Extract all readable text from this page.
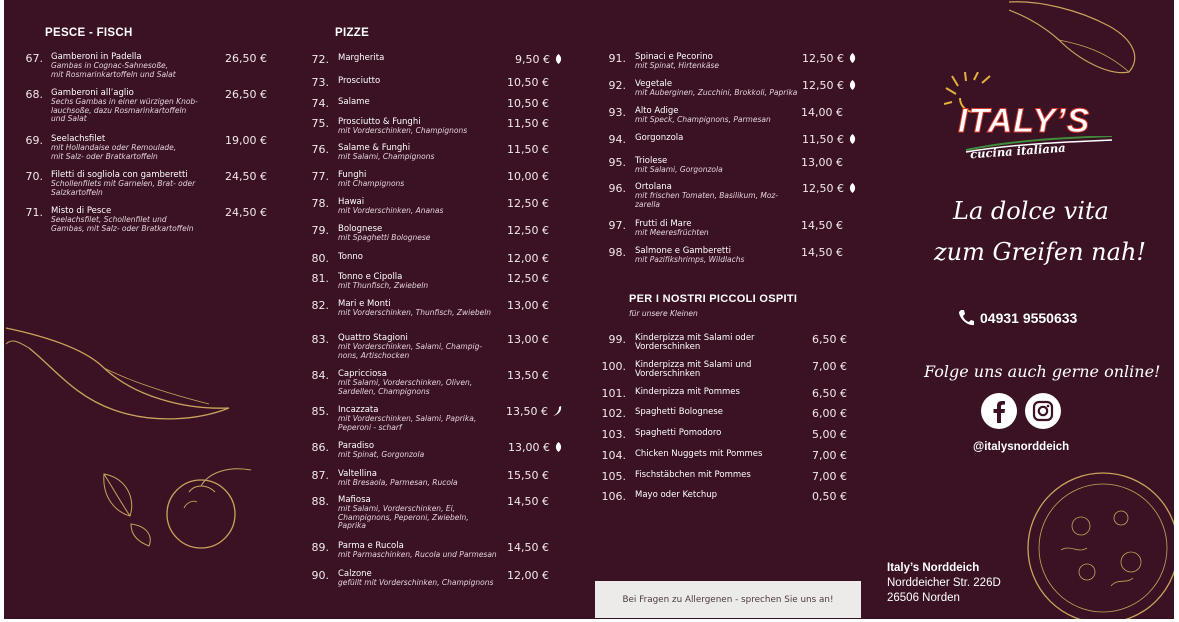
PESCE - FISCH	PIZZE
PER I NOSTRI PICCOLI OSPITI
für unsere Kleinen
67. Gamberoni in Padella
Gambas in Cognac-Sahnesoße,
mit Rosmarinkartoffeln und Salat
26,50 €
68. Gamberoni all’aglio
Sechs Gambas in einer würzigen Knob-
lauchsoße, dazu Rosmarinkartoffeln
und Salat
26,50 €
69. Seelachsfilet
mit Hollandaise oder Remoulade,
mit Salz- oder Bratkartoffeln
19,00 €
70. Filetti di sogliola con gamberetti
Schollenfilets mit Garnelen, Brat- oder
Salzkartoffeln
24,50 €
71. Misto di Pesce
Seelachsfilet, Schollenfilet und
Gambas, mit Salz- oder Bratkartoffeln
24,50 €
72. Margherita	9,50 €
73. Prosciutto	10,50 €
74. Salame	10,50 €
75. Prosciutto & Funghi
mit Vorderschinken, Champignons
11,50 €
76. Salame & Funghi
mit Salami, Champignons
11,50 €
77. Funghi
mit Champignons
10,00 €
78. Hawai
mit Vorderschinken, Ananas
12,50 €
79. Bolognese
mit Spaghetti Bolognese
12,50 €
80. Tonno	12,00 €
81. Tonno e Cipolla
mit Thunfisch, Zwiebeln
12,50 €
82. Mari e Monti
mit Vorderschinken, Thunfisch, Zwiebeln
13,00 €
83. Quattro Stagioni
mit Vorderschinken, Salami, Champig-
nons, Artischocken
13,00 €
84. Capricciosa
mit Salami, Vorderschinken, Oliven,
Sardellen, Champignons
13,50 €
85. Incazzata
mit Vorderschinken, Salami, Paprika,
Peperoni - scharf
13,50 €
86. Paradiso
mit Spinat, Gorgonzola
13,00 €
87. Valtellina
mit Bresaola, Parmesan, Rucola
15,50 €
88. Mafiosa
mit Salami, Vorderschinken, Ei,
Champignons, Peperoni, Zwiebeln,
Paprika
14,50 €
89. Parma e Rucola
mit Parmaschinken, Rucola und Parmesan
14,50 €
90. Calzone
gefüllt mit Vorderschinken, Champignons
12,00 €
91. Spinaci e Pecorino
mit Spinat, Hirtenkäse
12,50 €
92. Vegetale
mit Auberginen, Zucchini, Brokkoli, Paprika
12,50 €
93. Alto Adige
mit Speck, Champignons, Parmesan
14,00 €
94. Gorgonzola	11,50 €
95. Triolese
mit Salami, Gorgonzola
13,00 €
96. Ortolana
mit frischen Tomaten, Basilikum, Moz-
zarella
12,50 €
97. Frutti di Mare
mit Meeresfrüchten
14,50 €
98. Salmone e Gamberetti
mit Pazifikshrimps, Wildlachs
14,50 €
99. Kinderpizza mit Salami oder
Vorderschinken
6,50 €
100. Kinderpizza mit Salami und
Vorderschinken
7,00 €
101. Kinderpizza mit Pommes	6,50 €
102. Spaghetti Bolognese	6,00 €
103. Spaghetti Pomodoro	5,00 €
104. Chicken Nuggets mit Pommes	7,00 €
105. Fischstäbchen mit Pommes	7,00 €
106. Mayo oder Ketchup	0,50 €
Bei Fragen zu Allergenen - sprechen Sie uns an!
ITALY’S
cucina italiana
La dolce vita
zum Greifen nah!
04931 9550633
Folge uns auch gerne online!
@italysnorddeich
Italy’s Norddeich
Norddeicher Str. 226D
26506 Norden
